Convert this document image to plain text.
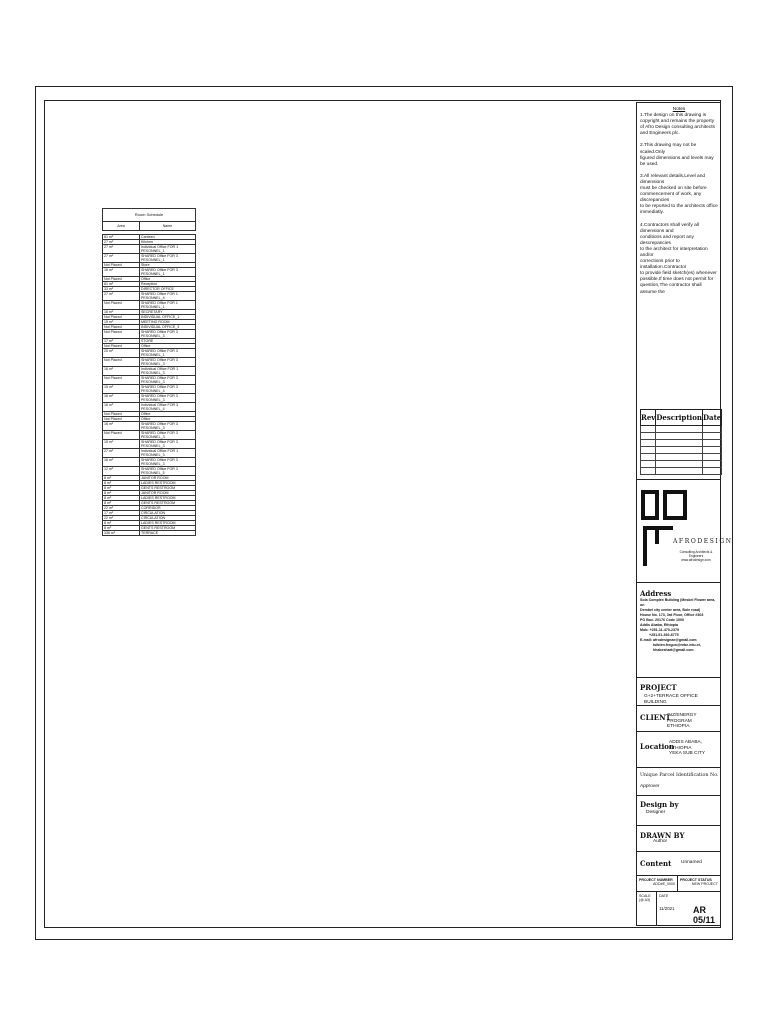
Room Schedule	
Area	Name

81 m²	Canteen
27 m²	Kitchen
27 m²	Individual Office FOR 1 PESONNEL_1
27 m²	SHARED Office FOR 3 PESONNEL_1
Not Placed	Store
16 m²	SHARED Office FOR 3 PESONNEL_1
Not Placed	Office
81 m²	Reception
33 m²	DIRECTOR OFFICE
27 m²	SHARED Office FOR 1 PESONNEL_4
Not Placed	SHARED Office FOR 1 PESONNEL_1
16 m²	SECRETARY
Not Placed	INDIVIDUAL OFFICE_1
15 m²	MEETING ROOM
Not Placed	INDIVIDUAL OFFICE_3
Not Placed	SHARED Office FOR 3 PESONNEL_3
17 m²	STORE
Not Placed	Office
20 m²	SHARED Office FOR 3 PESONNEL_1
Not Placed	SHARED Office FOR 3 PESONNEL_3
16 m²	Individual Office FOR 1 PESONNEL_3
Not Placed	SHARED Office FOR 3 PESONNEL_3
15 m²	SHARED Office FOR 3 PESONNEL_4
16 m²	SHARED Office FOR 3 PESONNEL_3
16 m²	Individual Office FOR 3 PESONNEL_4
Not Placed	Office
Not Placed	Office
16 m²	SHARED Office FOR 3 PESONNEL_3
Not Placed	SHARED Office FOR 3 PESONNEL_3
15 m²	SHARED Office FOR 3 PESONNEL_3
27 m²	Individual Office FOR 1 PESONNEL_3
16 m²	SHARED Office FOR 3 PESONNEL_3
12 m²	SHARED Office FOR 3 PESONNEL_5
8 m²	JANITOR ROOM
8 m²	LADIES RESTROOM
8 m²	GENTS RESTROOM
8 m²	JANITOR ROOM
8 m²	LADIES RESTROOM
8 m²	GENTS RESTROOM
22 m²	CORRIDOR
17 m²	CIRCULATION
22 m²	CIRCULATION
8 m²	LADIES RESTROOM
8 m²	GENTS RESTROOM
336 m²	TERRACE
Notes

1.The design on this drawing is copyright and remains the property of Afro Design consulting architects and Engineers plc.

2.This drawing may not be scaled.Only
figured dimensions and levels may be used.

3.All relevant details,Level and dimensions
must be checked on site before
commencement of work, any discrepancies
to be reported to the architects office
immediatly.

4.Contractors shall verify all dimensions and
conditions and report any descrepancies
to the architect for interpretation and/or
corrections prior to installation.Contractor
to provide field sketch(es) whenever
possible.If time does not permit for
question,The contractor shall assume the

Rev	Description	Date

AFRODESIGN
Consulting Architects & Engineers
www.afrodesign.com
Address
Sola Complex Building (Meskel Flower area, on
Dembel city center area, Bole road)
House No. 173, 3rd Floor, Office #303
PO Box. 20176 Code 1000
Addis Ababa, Ethiopia
Mob: +251-11-470-2379
+251-91-392-8775
E-mail: afrodesignae@gmail.com
tsibten.fregun@nrbe.edu.et,
hhabeshart@gmail.com
PROJECT
G+2+TERRACE OFFICE BUILDING
CLIENT
GIZ/ENERGY PROGRAM
ETHIOPIA
Location
ADDIS ABABA, ETHIOPIA
YEKA SUB CITY
Unique Parcel Identification No.
Approver
Design by
Designer
DRAWN BY
Author
Content Unnamed
PROJECT NUMBER
ADD#E_0000
PROJECT STATUS
NEW PROJECT
SCALE (@ A3)
DATE
11/2021	AR 05/11
